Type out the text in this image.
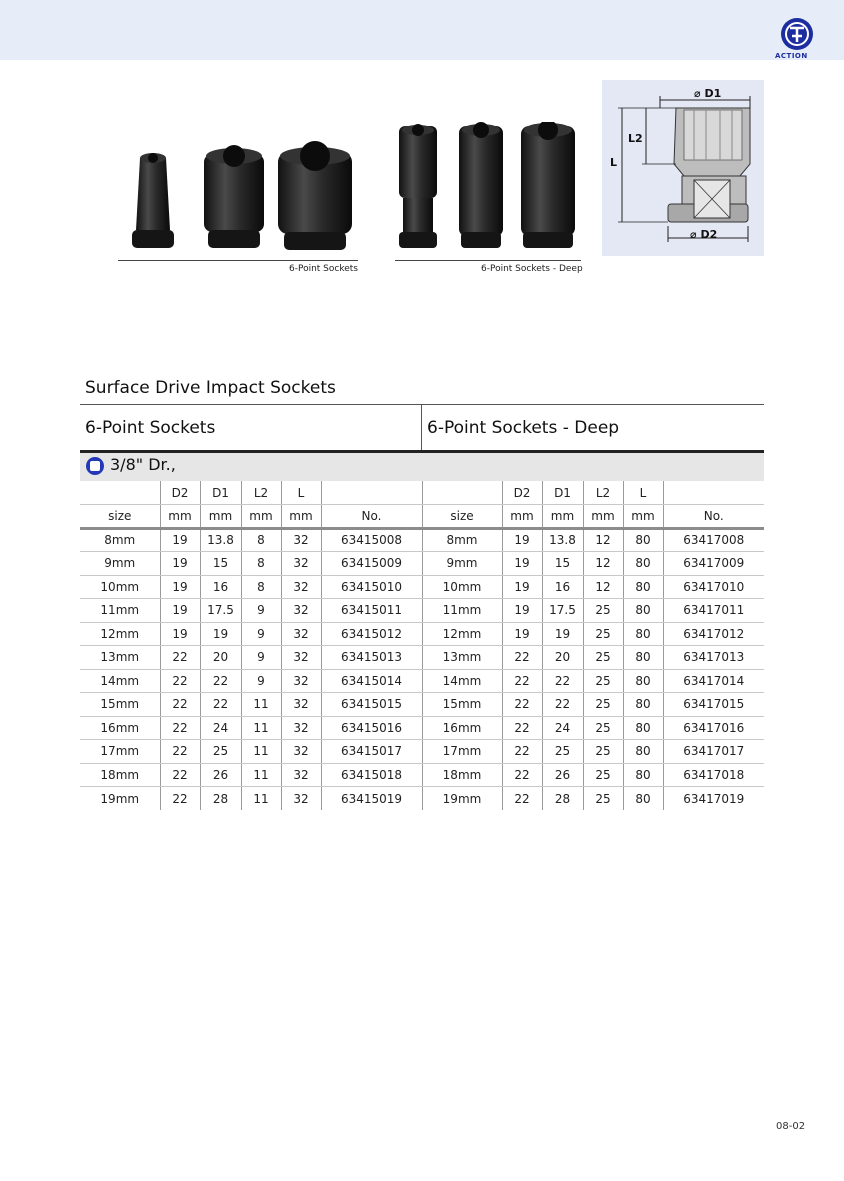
ACTION
6-Point Sockets	6-Point Sockets - Deep
⌀ D1
⌀ D2
L2
L
Surface Drive Impact Sockets
6-Point Sockets	6-Point Sockets - Deep
3/8" Dr.,
	D2	D1	L2	L			D2	D1	L2	L	
size	mm	mm	mm	mm	No.	size	mm	mm	mm	mm	No.
8mm	19	13.8	8	32	63415008	8mm	19	13.8	12	80	63417008
9mm	19	15	8	32	63415009	9mm	19	15	12	80	63417009
10mm	19	16	8	32	63415010	10mm	19	16	12	80	63417010
11mm	19	17.5	9	32	63415011	11mm	19	17.5	25	80	63417011
12mm	19	19	9	32	63415012	12mm	19	19	25	80	63417012
13mm	22	20	9	32	63415013	13mm	22	20	25	80	63417013
14mm	22	22	9	32	63415014	14mm	22	22	25	80	63417014
15mm	22	22	11	32	63415015	15mm	22	22	25	80	63417015
16mm	22	24	11	32	63415016	16mm	22	24	25	80	63417016
17mm	22	25	11	32	63415017	17mm	22	25	25	80	63417017
18mm	22	26	11	32	63415018	18mm	22	26	25	80	63417018
19mm	22	28	11	32	63415019	19mm	22	28	25	80	63417019
08-02
